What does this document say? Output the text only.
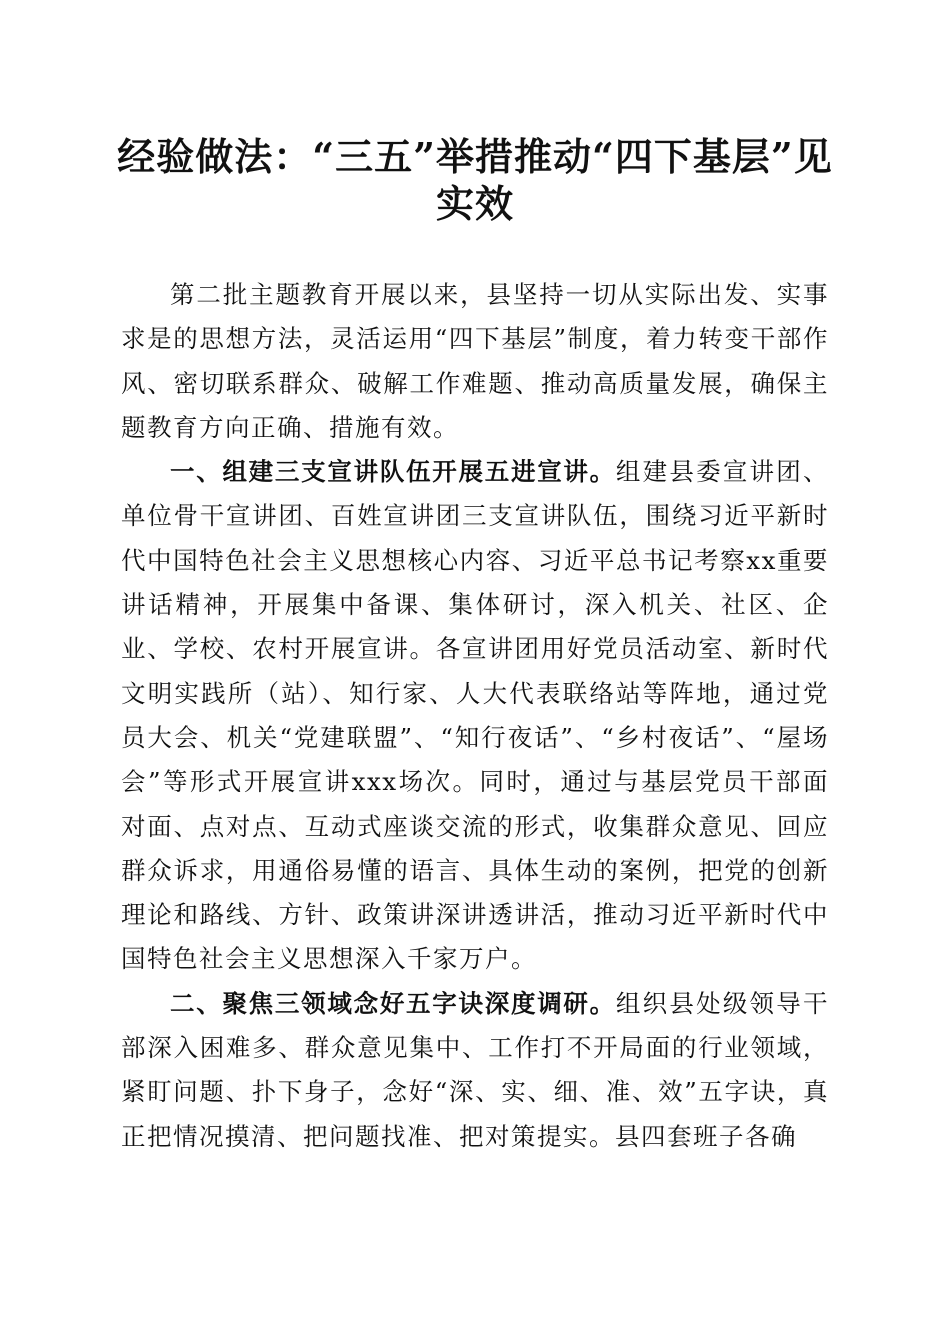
经验做法：“三五”举措推动“四下基层”见实效

第二批主题教育开展以来，县坚持一切从实际出发、实事求是的思想方法，灵活运用“四下基层”制度，着力转变干部作风、密切联系群众、破解工作难题、推动高质量发展，确保主题教育方向正确、措施有效。

一、组建三支宣讲队伍开展五进宣讲。组建县委宣讲团、单位骨干宣讲团、百姓宣讲团三支宣讲队伍，围绕习近平新时代中国特色社会主义思想核心内容、习近平总书记考察xx重要讲话精神，开展集中备课、集体研讨，深入机关、社区、企业、学校、农村开展宣讲。各宣讲团用好党员活动室、新时代文明实践所（站）、知行家、人大代表联络站等阵地，通过党员大会、机关“党建联盟”、“知行夜话”、“乡村夜话”、“屋场会”等形式开展宣讲xxx场次。同时，通过与基层党员干部面对面、点对点、互动式座谈交流的形式，收集群众意见、回应群众诉求，用通俗易懂的语言、具体生动的案例，把党的创新理论和路线、方针、政策讲深讲透讲活，推动习近平新时代中国特色社会主义思想深入千家万户。

二、聚焦三领域念好五字诀深度调研。组织县处级领导干部深入困难多、群众意见集中、工作打不开局面的行业领域，紧盯问题、扑下身子，念好“深、实、细、准、效”五字诀，真正把情况摸清、把问题找准、把对策提实。县四套班子各确
